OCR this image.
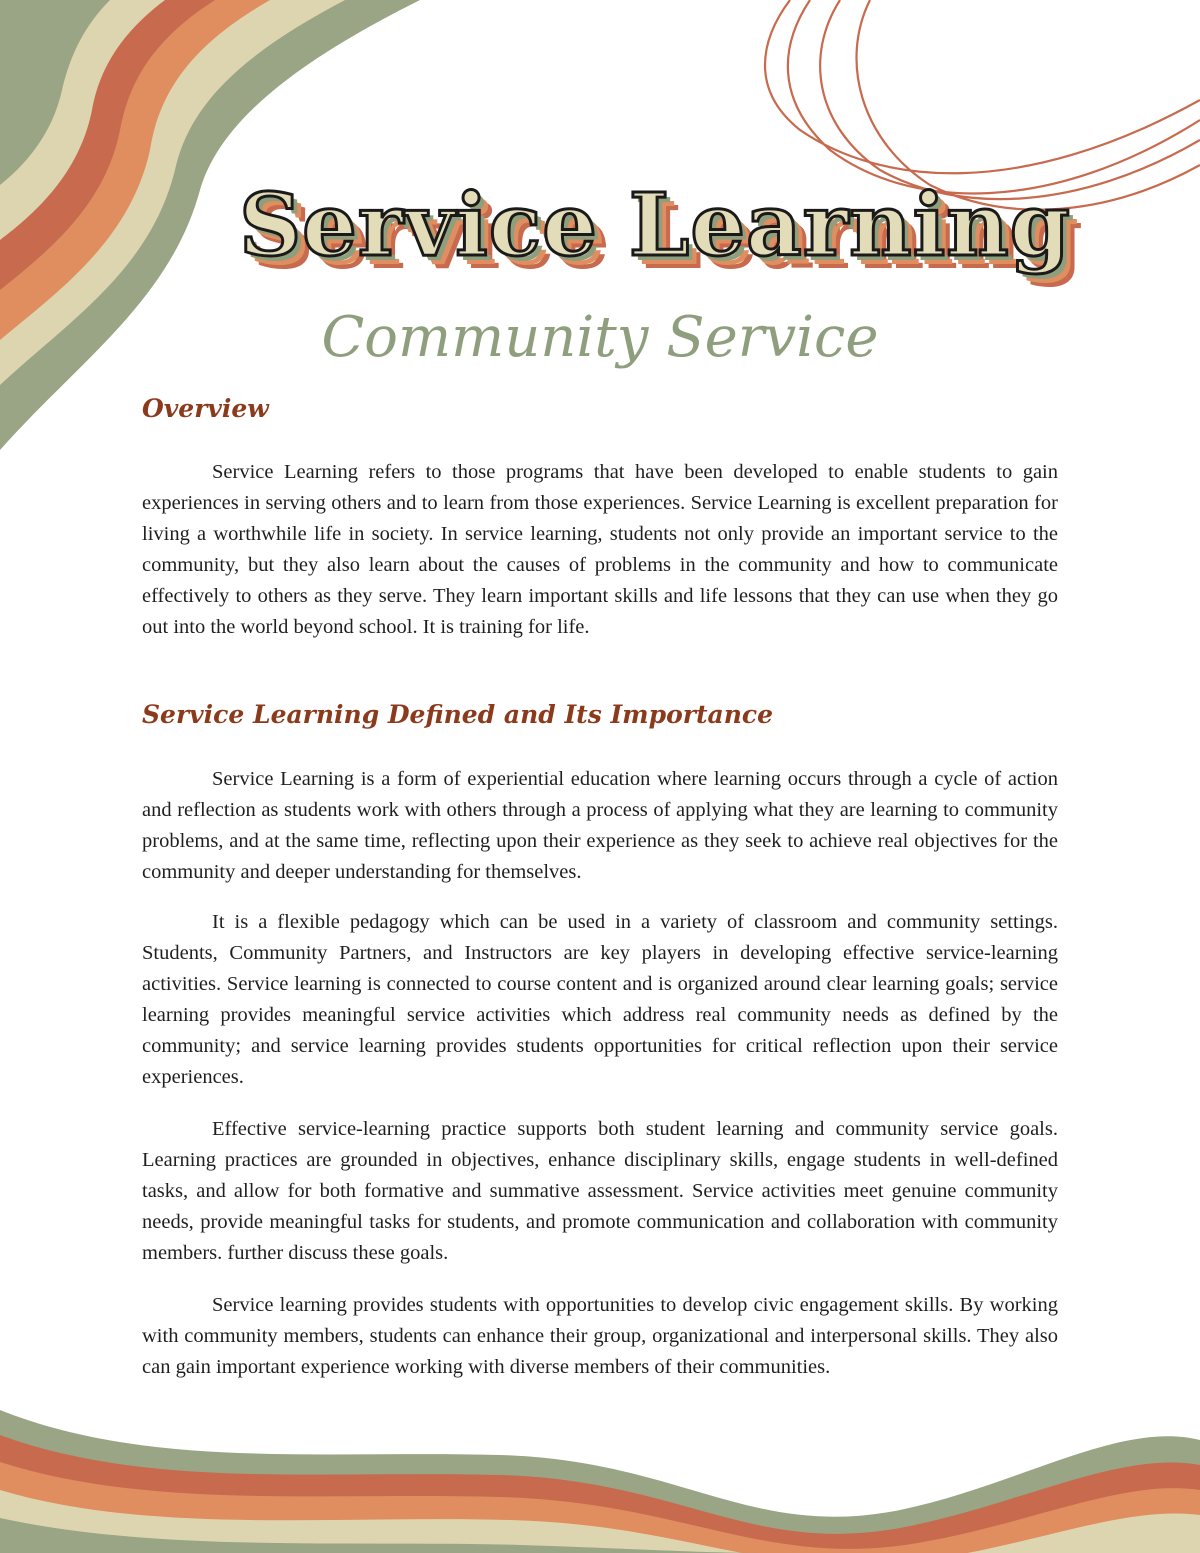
Service Learning
Community Service
Overview

Service Learning refers to those programs that have been developed to enable students to gain experiences in serving others and to learn from those experiences. Service Learning is excellent preparation for living a worthwhile life in society. In service learning, students not only provide an important service to the community, but they also learn about the causes of problems in the community and how to communicate effectively to others as they serve. They learn important skills and life lessons that they can use when they go out into the world beyond school. It is training for life.

Service Learning Defined and Its Importance

Service Learning is a form of experiential education where learning occurs through a cycle of action and reflection as students work with others through a process of applying what they are learning to community problems, and at the same time, reflecting upon their experience as they seek to achieve real objectives for the community and deeper understanding for themselves.

It is a flexible pedagogy which can be used in a variety of classroom and community settings. Students, Community Partners, and Instructors are key players in developing effective service-learning activities. Service learning is connected to course content and is organized around clear learning goals; service learning provides meaningful service activities which address real community needs as defined by the community; and service learning provides students opportunities for critical reflection upon their service experiences.

Effective service-learning practice supports both student learning and community service goals. Learning practices are grounded in objectives, enhance disciplinary skills, engage students in well-defined tasks, and allow for both formative and summative assessment. Service activities meet genuine community needs, provide meaningful tasks for students, and promote communication and collaboration with community members. further discuss these goals.

Service learning provides students with opportunities to develop civic engagement skills. By working with community members, students can enhance their group, organizational and interpersonal skills. They also can gain important experience working with diverse members of their communities.
